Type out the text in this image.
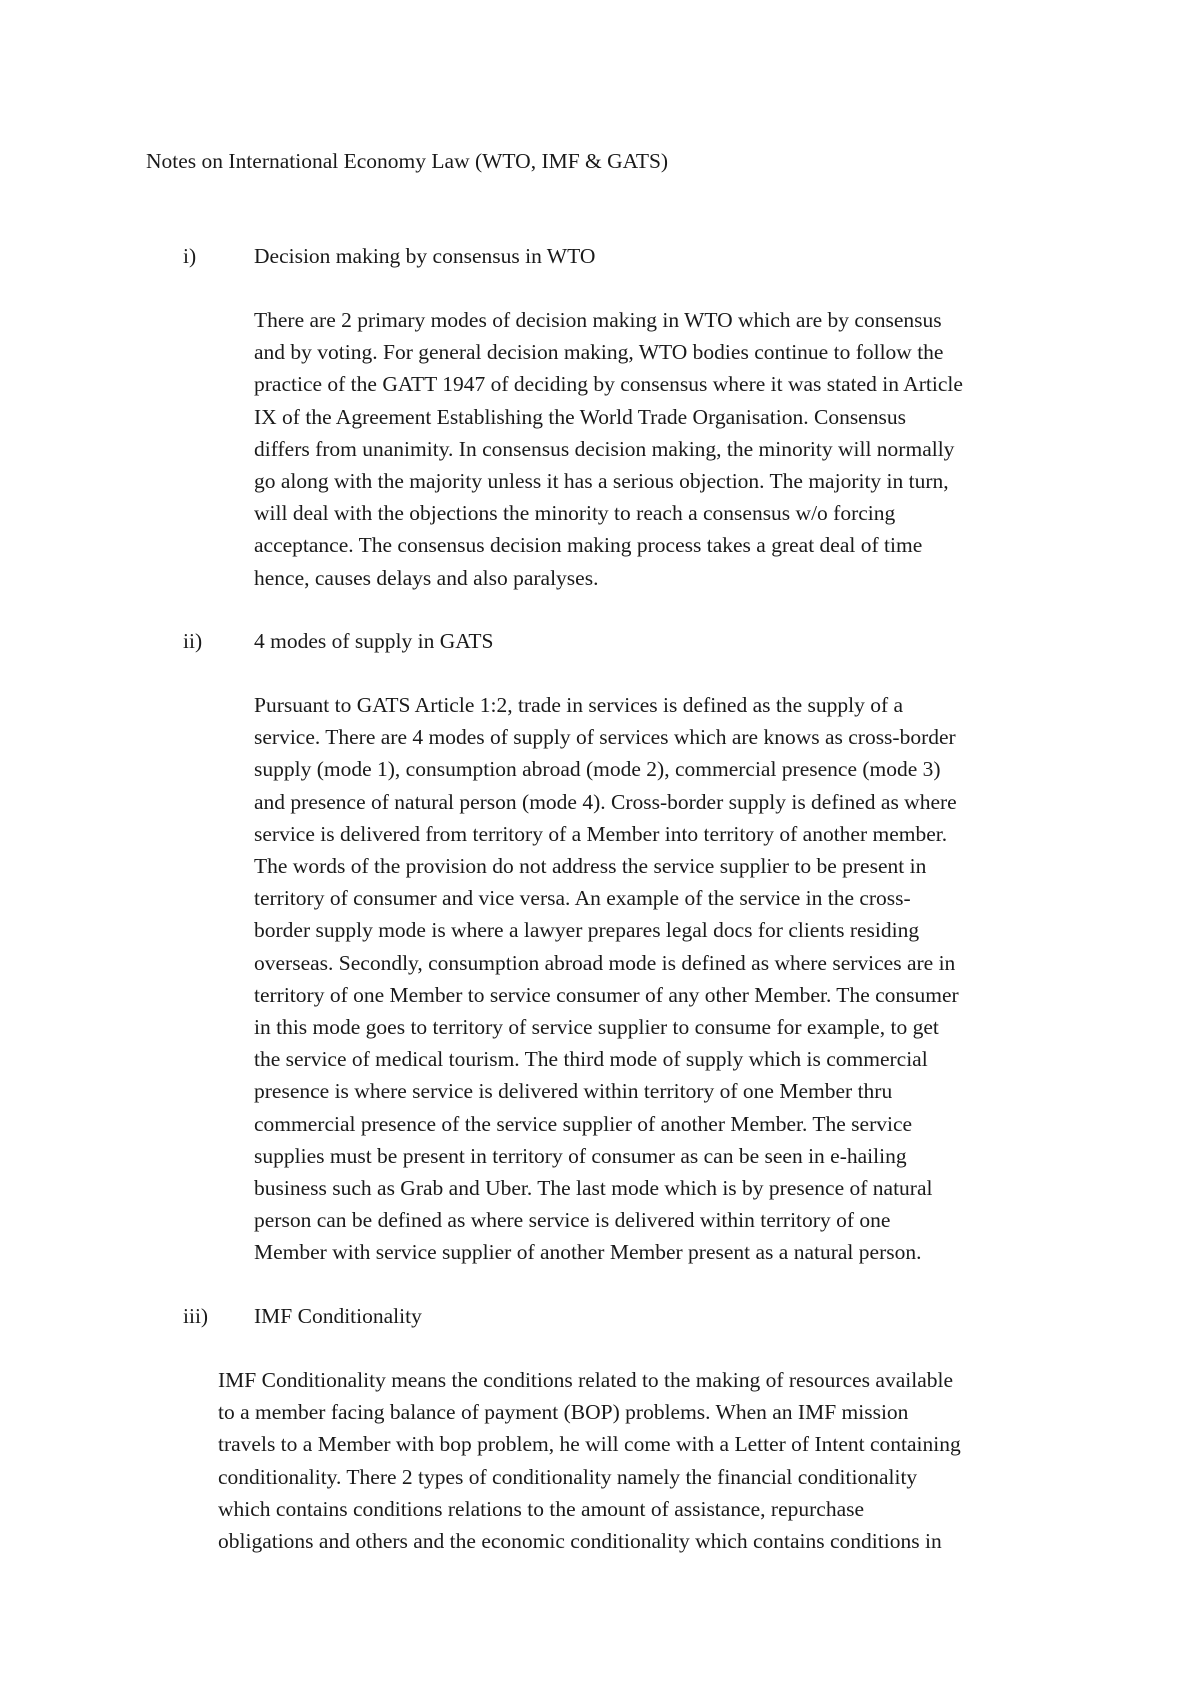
Notes on International Economy Law (WTO, IMF & GATS)
i)	Decision making by consensus in WTO
There are 2 primary modes of decision making in WTO which are by consensus
and by voting. For general decision making, WTO bodies continue to follow the
practice of the GATT 1947 of deciding by consensus where it was stated in Article
IX of the Agreement Establishing the World Trade Organisation. Consensus
differs from unanimity. In consensus decision making, the minority will normally
go along with the majority unless it has a serious objection. The majority in turn,
will deal with the objections the minority to reach a consensus w/o forcing
acceptance. The consensus decision making process takes a great deal of time
hence, causes delays and also paralyses.
ii) 4 modes of supply in GATS
Pursuant to GATS Article 1:2, trade in services is defined as the supply of a
service. There are 4 modes of supply of services which are knows as cross-border
supply (mode 1), consumption abroad (mode 2), commercial presence (mode 3)
and presence of natural person (mode 4). Cross-border supply is defined as where
service is delivered from territory of a Member into territory of another member.
The words of the provision do not address the service supplier to be present in
territory of consumer and vice versa. An example of the service in the cross-
border supply mode is where a lawyer prepares legal docs for clients residing
overseas. Secondly, consumption abroad mode is defined as where services are in
territory of one Member to service consumer of any other Member. The consumer
in this mode goes to territory of service supplier to consume for example, to get
the service of medical tourism. The third mode of supply which is commercial
presence is where service is delivered within territory of one Member thru
commercial presence of the service supplier of another Member. The service
supplies must be present in territory of consumer as can be seen in e-hailing
business such as Grab and Uber. The last mode which is by presence of natural
person can be defined as where service is delivered within territory of one
Member with service supplier of another Member present as a natural person.
iii) IMF Conditionality
IMF Conditionality means the conditions related to the making of resources available
to a member facing balance of payment (BOP) problems. When an IMF mission
travels to a Member with bop problem, he will come with a Letter of Intent containing
conditionality. There 2 types of conditionality namely the financial conditionality
which contains conditions relations to the amount of assistance, repurchase
obligations and others and the economic conditionality which contains conditions in
